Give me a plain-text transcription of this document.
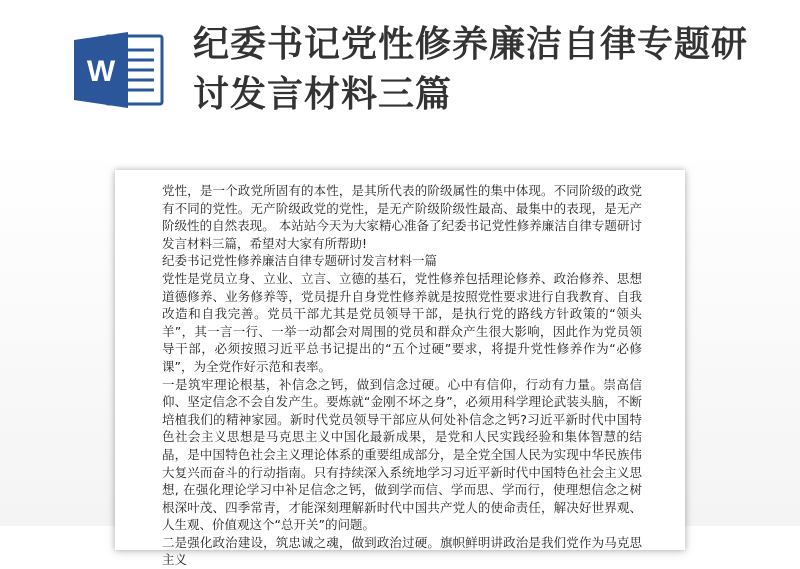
W
纪委书记党性修养廉洁自律专题研讨发言材料三篇

党性，是一个政党所固有的本性，是其所代表的阶级属性的集中体现。不同阶级的政党有不同的党性。无产阶级政党的党性，是无产阶级阶级性最高、最集中的表现，是无产阶级性的自然表现。 本站站今天为大家精心准备了纪委书记党性修养廉洁自律专题研讨发言材料三篇，希望对大家有所帮助!

纪委书记党性修养廉洁自律专题研讨发言材料一篇

党性是党员立身、立业、立言、立德的基石，党性修养包括理论修养、政治修养、思想道德修养、业务修养等，党员提升自身党性修养就是按照党性要求进行自我教育、自我改造和自我完善。党员干部尤其是党员领导干部，是执行党的路线方针政策的“领头羊”，其一言一行、一举一动都会对周围的党员和群众产生很大影响，因此作为党员领导干部，必须按照习近平总书记提出的“五个过硬”要求，将提升党性修养作为“必修课”，为全党作好示范和表率。

一是筑牢理论根基，补信念之钙，做到信念过硬。心中有信仰，行动有力量。崇高信仰、坚定信念不会自发产生。要炼就“金刚不坏之身”，必须用科学理论武装头脑，不断培植我们的精神家园。新时代党员领导干部应从何处补信念之钙?习近平新时代中国特色社会主义思想是马克思主义中国化最新成果，是党和人民实践经验和集体智慧的结晶，是中国特色社会主义理论体系的重要组成部分，是全党全国人民为实现中华民族伟大复兴而奋斗的行动指南。只有持续深入系统地学习习近平新时代中国特色社会主义思想, 在强化理论学习中补足信念之钙，做到学而信、学而思、学而行，使理想信念之树根深叶茂、四季常青，才能深刻理解新时代中国共产党人的使命责任，解决好世界观、人生观、价值观这个“总开关”的问题。

二是强化政治建设，筑忠诚之魂，做到政治过硬。旗帜鲜明讲政治是我们党作为马克思主义
